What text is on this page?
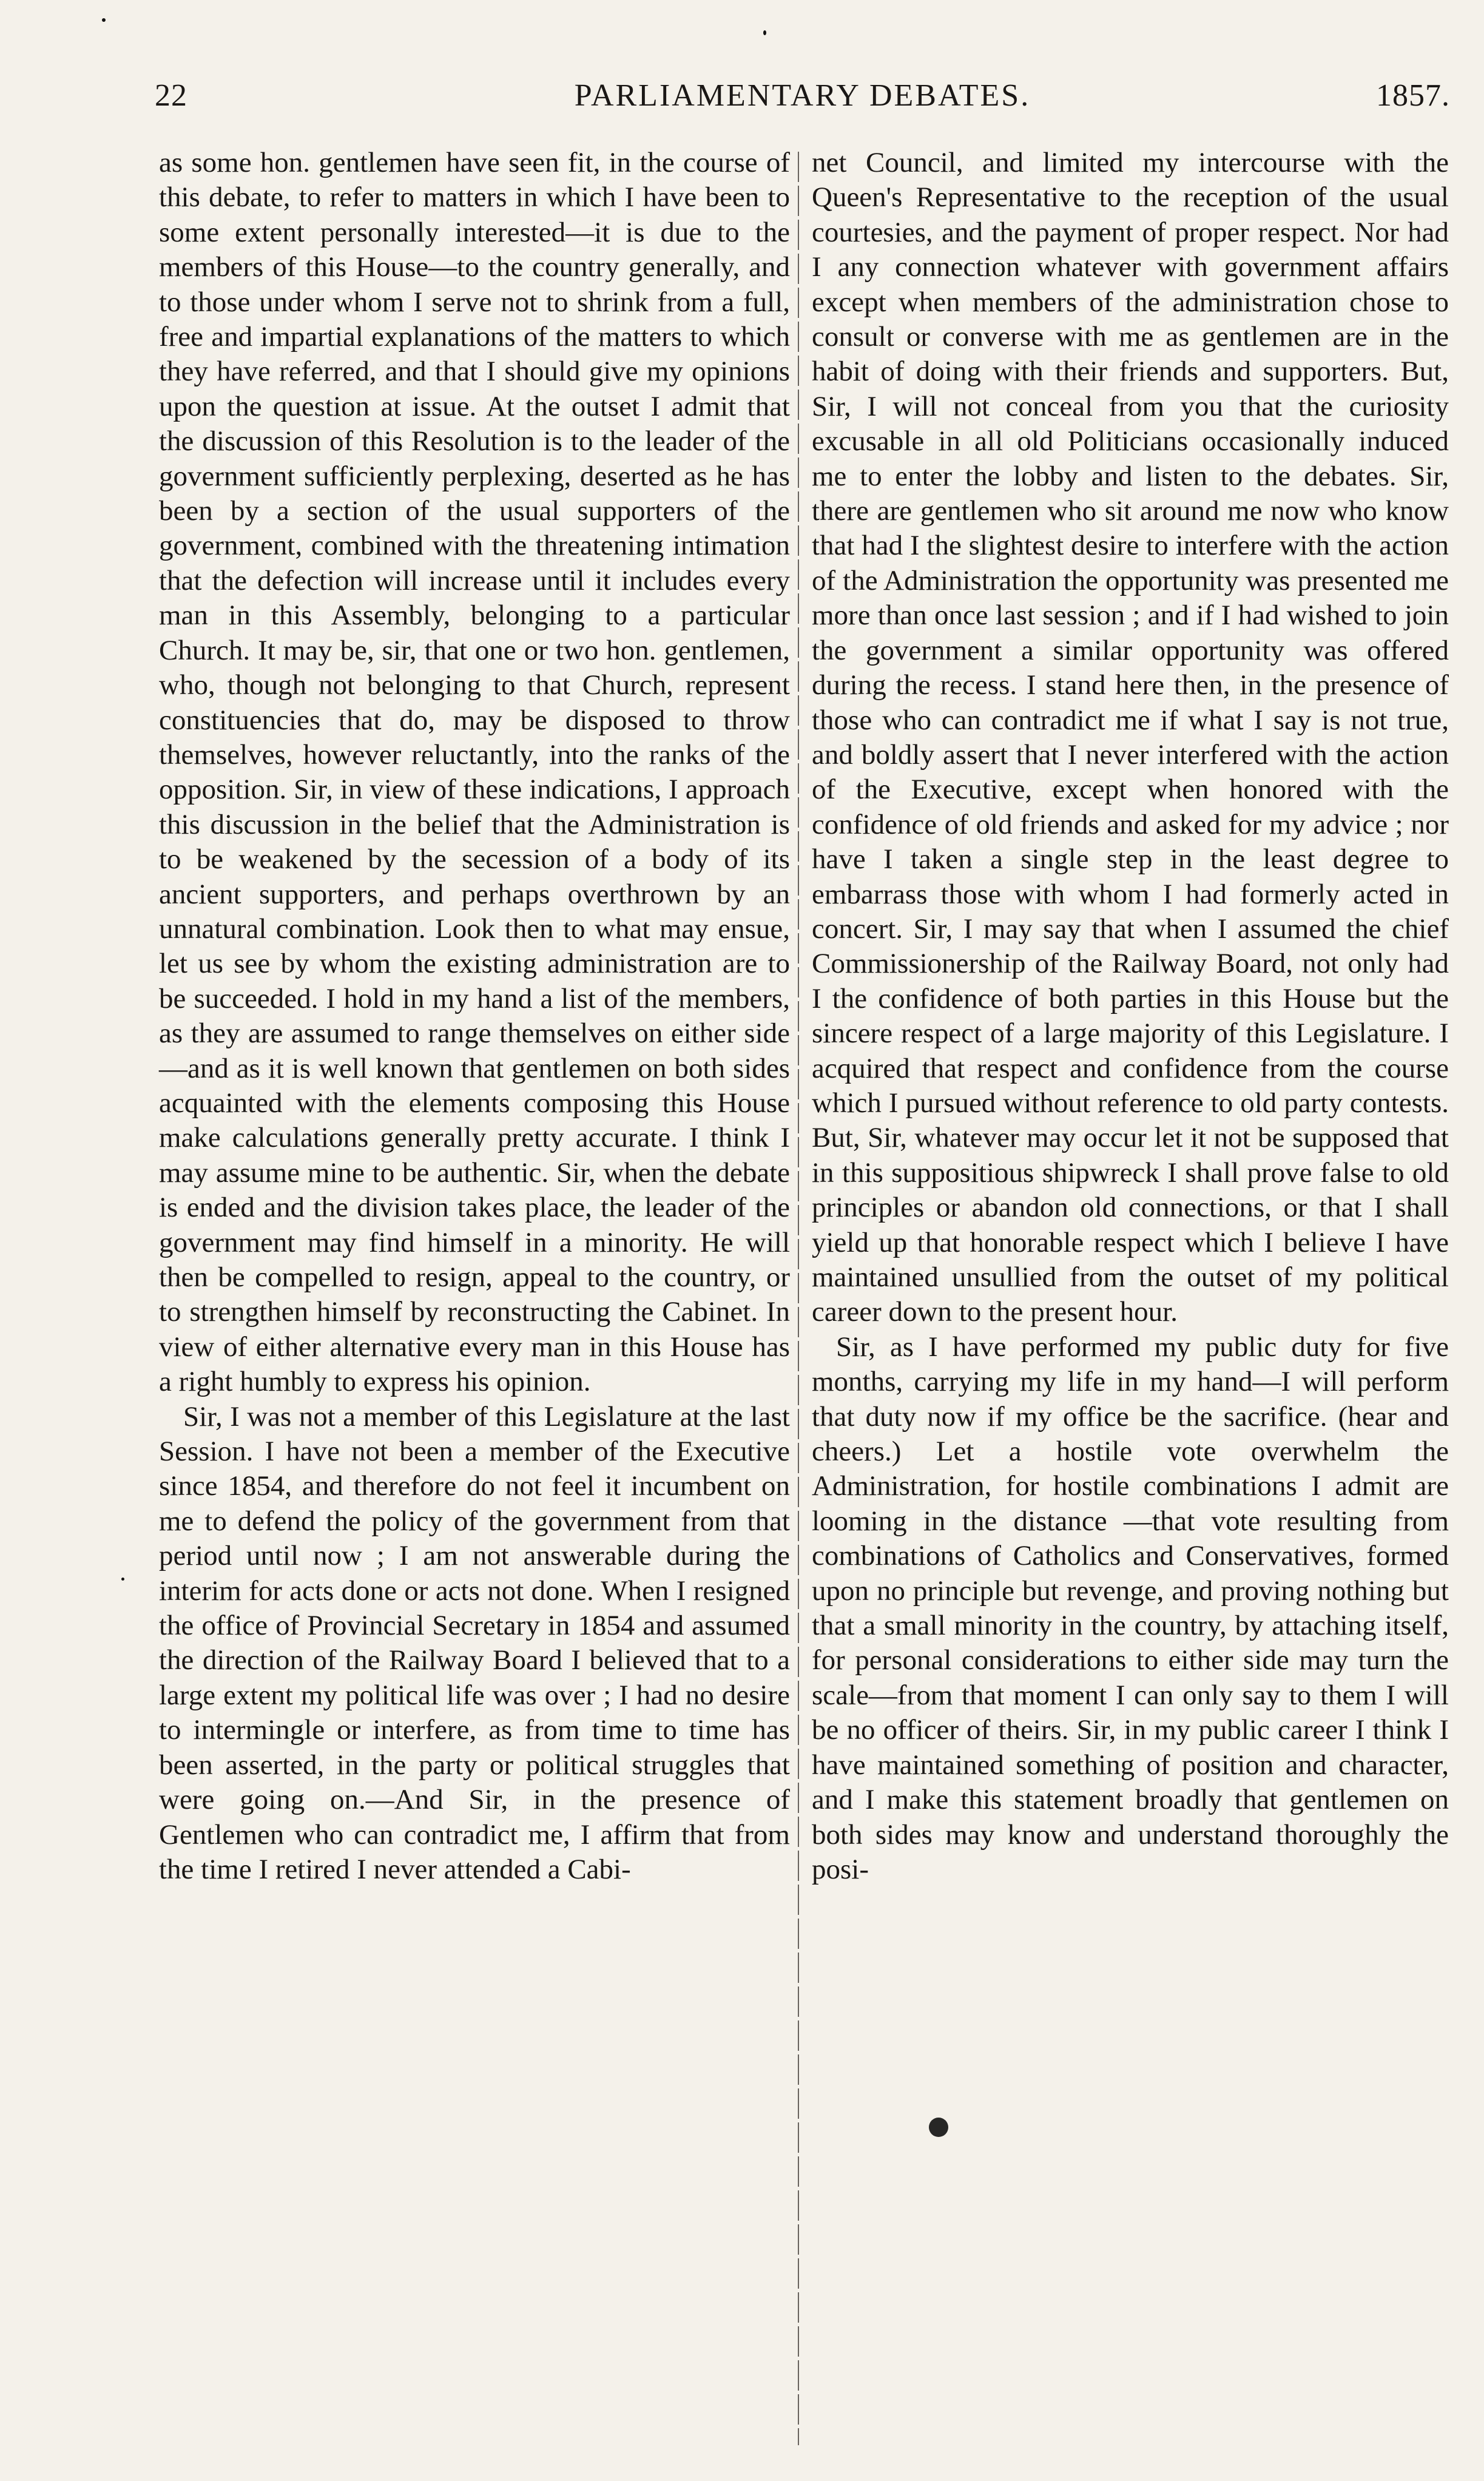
22	PARLIAMENTARY DEBATES.	1857.

as some hon. gentlemen have seen fit, in the course of this debate, to refer to matters in which I have been to some extent personally interested—it is due to the members of this House—to the country generally, and to those under whom I serve not to shrink from a full, free and impartial explanations of the matters to which they have referred, and that I should give my opinions upon the question at issue. At the outset I admit that the discussion of this Resolution is to the leader of the government sufficiently perplexing, deserted as he has been by a section of the usual supporters of the government, combined with the threatening intimation that the defection will increase until it includes every man in this Assembly, belonging to a particular Church. It may be, sir, that one or two hon. gentlemen, who, though not belonging to that Church, represent constituencies that do, may be disposed to throw themselves, however reluctantly, into the ranks of the opposition. Sir, in view of these indications, I approach this discussion in the belief that the Administration is to be weakened by the secession of a body of its ancient supporters, and perhaps overthrown by an unnatural combination. Look then to what may ensue, let us see by whom the existing administration are to be succeeded. I hold in my hand a list of the members, as they are assumed to range themselves on either side —and as it is well known that gentlemen on both sides acquainted with the elements composing this House make calculations generally pretty accurate. I think I may assume mine to be authentic. Sir, when the debate is ended and the division takes place, the leader of the government may find himself in a minority. He will then be compelled to resign, appeal to the country, or to strengthen himself by reconstructing the Cabinet. In view of either alternative every man in this House has a right humbly to express his opinion.

Sir, I was not a member of this Legislature at the last Session. I have not been a member of the Executive since 1854, and therefore do not feel it incumbent on me to defend the policy of the government from that period until now ; I am not answerable during the interim for acts done or acts not done. When I resigned the office of Provincial Secretary in 1854 and assumed the direction of the Railway Board I believed that to a large extent my political life was over ; I had no desire to intermingle or interfere, as from time to time has been asserted, in the party or political struggles that were going on.—And Sir, in the presence of Gentlemen who can contradict me, I affirm that from the time I retired I never attended a Cabi-

net Council, and limited my intercourse with the Queen's Representative to the reception of the usual courtesies, and the payment of proper respect. Nor had I any connection whatever with government affairs except when members of the administration chose to consult or converse with me as gentlemen are in the habit of doing with their friends and supporters. But, Sir, I will not conceal from you that the curiosity excusable in all old Politicians occasionally induced me to enter the lobby and listen to the debates. Sir, there are gentlemen who sit around me now who know that had I the slightest desire to interfere with the action of the Administration the opportunity was presented me more than once last session ; and if I had wished to join the government a similar opportunity was offered during the recess. I stand here then, in the presence of those who can contradict me if what I say is not true, and boldly assert that I never interfered with the action of the Executive, except when honored with the confidence of old friends and asked for my advice ; nor have I taken a single step in the least degree to embarrass those with whom I had formerly acted in concert. Sir, I may say that when I assumed the chief Commissionership of the Railway Board, not only had I the confidence of both parties in this House but the sincere respect of a large majority of this Legislature. I acquired that respect and confidence from the course which I pursued without reference to old party contests. But, Sir, whatever may occur let it not be supposed that in this suppositious shipwreck I shall prove false to old principles or abandon old connections, or that I shall yield up that honorable respect which I believe I have maintained unsullied from the outset of my political career down to the present hour.

Sir, as I have performed my public duty for five months, carrying my life in my hand—I will perform that duty now if my office be the sacrifice. (hear and cheers.) Let a hostile vote overwhelm the Administration, for hostile combinations I admit are looming in the distance —that vote resulting from combinations of Catholics and Conservatives, formed upon no principle but revenge, and proving nothing but that a small minority in the country, by attaching itself, for personal considerations to either side may turn the scale—from that moment I can only say to them I will be no officer of theirs. Sir, in my public career I think I have maintained something of position and character, and I make this statement broadly that gentlemen on both sides may know and understand thoroughly the posi-
